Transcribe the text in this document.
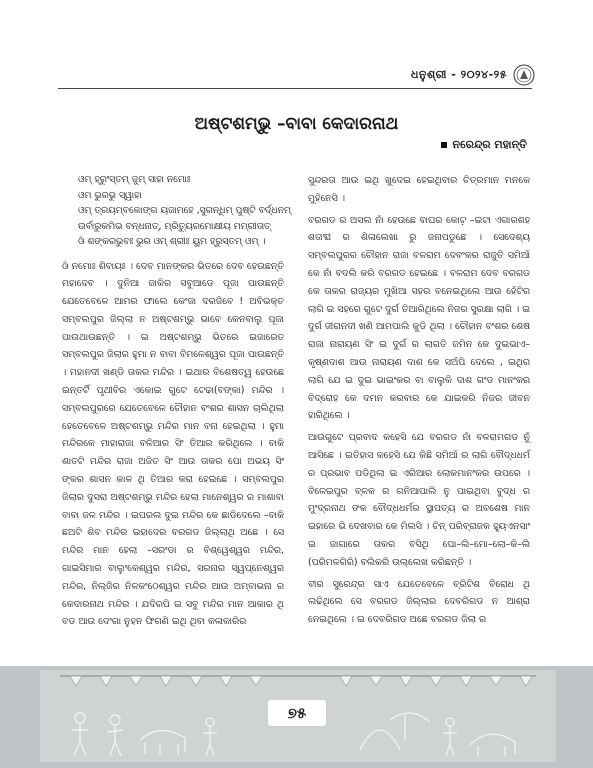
ଧନୁଶ୍ରୀ - ୨୦୨୪-୨୫
ଅଷ୍ଟଶମ୍ଭୁ –ବାବା କେଦାରନାଥ
ନରେନ୍ଦ୍ର ମହାନ୍ତି
ଓମ୍ ହ୍ରୁଂସ୍ତମ୍ ଜୁମ୍ ସାହା ନମୋଃ
ଓମ ଭୁରଭୁ ସ୍ୱାହା
ଓମ୍ ତ୍ରୟମ୍ବକୋଙ୍ଗ ୟଜାମହେ ,ସୁଗନ୍ଧିମ୍ ପୁଷ୍ଟି ବର୍ଦ୍ଧନମ୍
ଉର୍ବାରୁକମିଭ ବନ୍ଧନାତ୍, ମ୍ରିତ୍ୟୁରମୋକ୍ଷୀୟ ମମ୍ରୀତାତ୍
ଓଁ ଶଙ୍କରଭୁବଃ ଭୁର ଓମ୍ ଶ୍ରୀଃ ୟୁମ ହ୍ରୁସ୍ତମ୍ ଓମ୍ ।

ଓଁ ନମୋଃ ଶିବାୟଃ । ଦେବ ମାନଙ୍କର ଭିତରେ ଦେବ ହେଉଛନ୍ତି ମହାଦେବ । ଦୁନିଆ ଜାକିର ସବୁଆଡେ ପୂଜା ପାଉଛନ୍ତି ଯେତେବେଳେ ଆମର ଫାଲେ କେଂଜା ଦରଜିବେ ! ଅବିଭକ୍ତ ସମ୍ବଲପୁର ଜିଲ୍ଲା ନ ଅଷ୍ଟଶମ୍ଭୁ ଭାବେ କେନବାଲୁ ପୂଜା ପାଉଥାଉଛନ୍ତି । ଇ ଅଷ୍ଟଶମ୍ଭୁ ଭିତରେ ଇଜାରେତ ସମ୍ବଲପୁର ଜିଲାର ହୁମା ନ ବାବା ବିମଳେଶ୍ୱର ପୂଜା ପାଉଛନ୍ତି । ମହାନଦୀ ଖଣ୍ଡି ତାକର ମନ୍ଦିର । ଇଥାର ବିଶେଷତ୍ୱ ହେଉଛେ ଇନ୍ତର୍ଟି ପୃଥୀବିର ଏକୋଇ ଗୁଟେ ଟେଢା(ବଙ୍କା) ମନ୍ଦିର । ସମ୍ବଲପୁରରେ ଯେତେବେଳେ ଚୌହାନ ବଂଶର ଶାସନ ଚାଲିଥିଲା ହେତେବେଳେ ଅଷ୍ଟଶମ୍ଭୁ ମନ୍ଦିର ମାନ ବନା ହେଇଥିଲା । ହୁମା ମନ୍ଦିରକେ ମାହାରାଜା ବଳିଆର ସିଂ ତିଆର କରିଥିଲେ । ବାକି ଶାତଟି ମନ୍ଦିର ରାଜା ଅଜିତ ସିଂ ଆଉ ତାକର ପୋ ଅଭୟ ସିଂ ଙ୍କର ଶାସନ କାଳ ଥି ତିଆର କରା ହେଇଛେ । ସମ୍ବଲପୁର ଜିଲାର ଦୁସରା ଅଷ୍ଟଶମ୍ଭୁ ମନ୍ଦିର ହେଲା ମାନେଶ୍ୱର ର ମାଶାବା ବାବା ଜଳ ମନ୍ଦିର । ଇପରଲ ଦୁଇ ମନ୍ଦିର କେ ଛାଡିଦେଲେ –ବାକି ଛଅଟି ଶିବ ମନ୍ଦିର ଇହାଦେର ବରଗଡ ଜିଲ୍ଲାଥି ଅଛେ । ସେ ମନ୍ଦିର ମାନ ହେଲା –ସରଂଡା ର ବିଶ୍ୱେଶ୍ୱର ମନ୍ଦିର, ଗାଇସିମାର ବାଲୁଂକେଶ୍ୱର ମନ୍ଦିର, ସରନାର ସ୍ୱପ୍ନେଶ୍ୱର ମନ୍ଦିର, ନିଲ୍ଜିର ନିଳକଂଠେଶ୍ୱର ମନ୍ଦିର ଆଉ ଅମ୍ବାଭନା ର କେଦାରନାଥ ମନ୍ଦିର । ଯଦିରପି ଇ ସବୁ ମନ୍ଦିର ମାନ ଆକାର ଥି ବଡ ଆଉ ଦେଂଗା ନୁହନ ଫିଗଣି ଇଥି ଥିବା କଳାକାରିର

ସୁନ୍ଦରତା ଆଉ ଇଥି ଖୁଦେଇ ହେଇଥିବାର ଚିତ୍ରମାନ ମନକେ ମୁହିନେସି ।

ବରଗଡ ର ଅସଲ ନାଁ ହେଉଛେ ବାଘର କୋଟ଼ –ଇଟା ଏଗାରଶହ ଶତାବ୍ଦୀ ର ଶିଳାଲେଖା ରୁ ଜନାପଡୁଛେ । ସେଦେଶ୍ୟ ସମ୍ବଲପୁରର ଚୌହାନ ରାଜା ବଳରାମ ଦେବଂକର ରାଜୁତି ସମିଆଁ କେ ନାଁ ବଦଲି କରି ବରଗଡ ହେଇଛେ । ବଳରାମ ଦେବ ବରଗଡ କେ ତାକର ରାଜ୍ୟର ମୁଖିଆ ସହର ବନେଇଥିଲେ ଆଉ ହେଁଟିର ଲାଗି ଇ ସହରେ ଗୁଟେ ଦୁର୍ଗ ତିଆରିଥିଲେ ନିଜର ସୁରକ୍ଷା ଲାଗି । ଇ ଦୁର୍ଗ ଜୀରାନଦୀ ଖଣି ଆମପାଲି କୁଡି ଥିଲା । ଚୌହାନ ବଂଶର ଶେଷ ରାଜା ନାରାୟଣ ସିଂ ଇ ଦୁର୍ଗ ର ଲାଗତି ଜମିନ କେ ଦୁଇଭାଏ–କୃଷ୍ଣଦାଶ ଆଉ ନାରାୟଣ ଦାଶ କେ ସଅଁପି ଦେଲେ , ଇଥିର ଲାଗି ଯେ ଇ ଦୁଇ ଭାଇଂକର ବା ବାଲୁକି ଦାଶ ଗଂଡ ମାନଂକର ବିଦ୍ରୋହ କେ ଦମନ କରବାର କେ ଯାଇକରି ନିଜର ଜୀବନ ହାରିଥିଲେ ।

ଆଉଗୁଟେ ପ୍ରବାଦ କହେସି ଯେ ବରଗଡ ନାଁ ବଳରାମଗଡ ନୁଁ ଆସିଛେ । ଇତିହାସ କହେସି ଯେ କିଛି ସମିଆଁ ର ଲାଗି ବୌଦ୍ଧଧର୍ମ ର ପ୍ରଭାବ ପଡିଥିଲା ଇ ଏରିଆର ଲୋକମାନଂକର ଉପରେ । ବିଳେଇପୁର ବ୍ଳକ ର ଗନିଆପାଲି ନୁ ପାଇଥିବା ବୁଦ୍ଧ ର ମୁଂଦ୍ରନାଥ ଙକ ବୌଦ୍ଧଧର୍ମର ସ୍ଥାପତ୍ୟ ର ଅବଶେଷ ମାନ ଇହାରେ ଭି ଦେଖବାର କେ ମିଲସି । ଚିନ୍ ପରିବ୍ରାଜକ ହ୍ୟୁଏନସାଂ ଇ ଜାଗାରେ ତାକର ବସିଥି ପୋ–ଲି–ମୋ–ଲୋ–କି–ଲି (ପରିମଳଗିରି) ବଲିକରି ଉଲ୍ଲେଖ କରିଛନ୍ତି ।

ବୀର ସୁରେନ୍ଦ୍ର ସାଏ ଯେତେବେଳେ ବ୍ରିଟିଶ ବିରୋଧ ଥି ଲଢିଥିଲେ ସେ ବରଗଡ ଜିଲ୍ଲାର ଦେବରିଗଡ ନ ଆଶ୍ରା ନେଇଥିଲେ । ଇ ଦେବରିଗଡ ଅଛେ ବରଗଡ ଜିଲା ର

୭୫
